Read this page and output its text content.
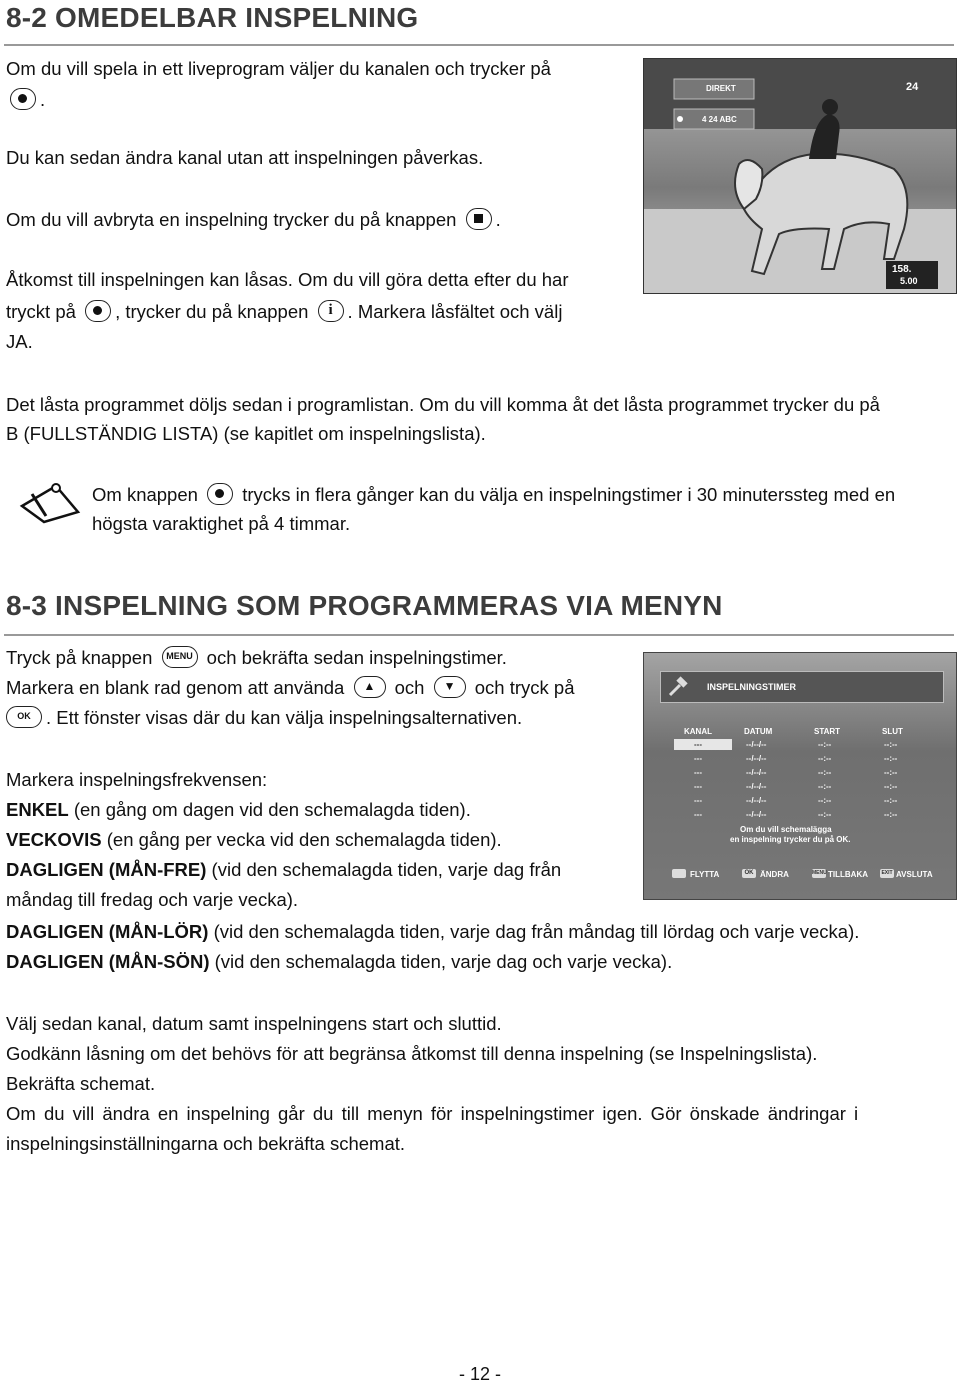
8-2 OMEDELBAR INSPELNING
Om du vill spela in ett liveprogram väljer du kanalen och trycker på
.
Du kan sedan ändra kanal utan att inspelningen påverkas.
Om du vill avbryta en inspelning trycker du på knappen .
Åtkomst till inspelningen kan låsas. Om du vill göra detta efter du har
tryckt på , trycker du på knappen i . Markera låsfältet och välj
JA.
DIREKT	24
4 24 ABC
158.
5.00
Det låsta programmet döljs sedan i programlistan. Om du vill komma åt det låsta programmet trycker du på
B (FULLSTÄNDIG LISTA) (se kapitlet om inspelningslista).
Om knappen trycks in flera gånger kan du välja en inspelningstimer i 30 minuterssteg med en
högsta varaktighet på 4 timmar.
8-3 INSPELNING SOM PROGRAMMERAS VIA MENYN
Tryck på knappen MENU och bekräfta sedan inspelningstimer.
Markera en blank rad genom att använda ▲ och ▼ och tryck på
OK . Ett fönster visas där du kan välja inspelningsalternativen.
INSPELNINGSTIMER
KANAL	DATUM	START	SLUT
---	--/--/--	--:--	--:--
---	--/--/--	--:--	--:--
---	--/--/--	--:--	--:--
---	--/--/--	--:--	--:--
---	--/--/--	--:--	--:--
---	--/--/--	--:--	--:--
Om du vill schemalägga
en inspelning trycker du på OK.
FLYTTA	OK ÄNDRA	MENU TILLBAKA	EXIT AVSLUTA
Markera inspelningsfrekvensen:
ENKEL (en gång om dagen vid den schemalagda tiden).
VECKOVIS (en gång per vecka vid den schemalagda tiden).
DAGLIGEN (MÅN-FRE) (vid den schemalagda tiden, varje dag från
måndag till fredag och varje vecka).
DAGLIGEN (MÅN-LÖR) (vid den schemalagda tiden, varje dag från måndag till lördag och varje vecka).
DAGLIGEN (MÅN-SÖN) (vid den schemalagda tiden, varje dag och varje vecka).
Välj sedan kanal, datum samt inspelningens start och sluttid.
Godkänn låsning om det behövs för att begränsa åtkomst till denna inspelning (se Inspelningslista).
Bekräfta schemat.
Om du vill ändra en inspelning går du till menyn för inspelningstimer igen. Gör önskade ändringar i
inspelningsinställningarna och bekräfta schemat.
- 12 -
